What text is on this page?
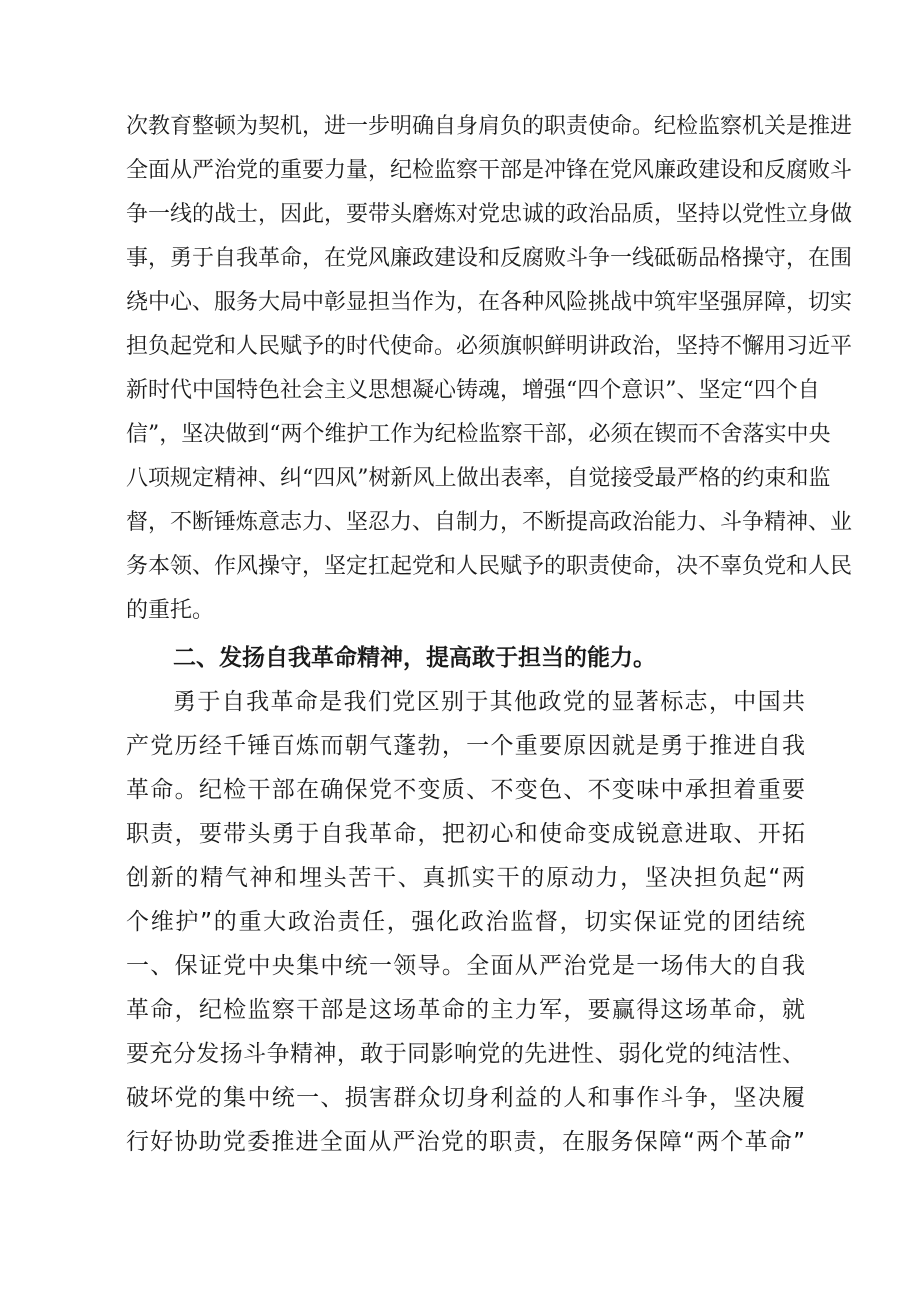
次教育整顿为契机，进一步明确自身肩负的职责使命。纪检监察机关是推进
全面从严治党的重要力量，纪检监察干部是冲锋在党风廉政建设和反腐败斗
争一线的战士，因此，要带头磨炼对党忠诚的政治品质，坚持以党性立身做
事，勇于自我革命，在党风廉政建设和反腐败斗争一线砥砺品格操守，在围
绕中心、服务大局中彰显担当作为，在各种风险挑战中筑牢坚强屏障，切实
担负起党和人民赋予的时代使命。必须旗帜鲜明讲政治，坚持不懈用习近平
新时代中国特色社会主义思想凝心铸魂，增强“四个意识”、坚定“四个自
信”，坚决做到“两个维护工作为纪检监察干部，必须在锲而不舍落实中央
八项规定精神、纠“四风”树新风上做出表率，自觉接受最严格的约束和监
督，不断锤炼意志力、坚忍力、自制力，不断提高政治能力、斗争精神、业
务本领、作风操守，坚定扛起党和人民赋予的职责使命，决不辜负党和人民
的重托。
二、发扬自我革命精神，提高敢于担当的能力。
勇于自我革命是我们党区别于其他政党的显著标志，中国共
产党历经千锤百炼而朝气蓬勃，一个重要原因就是勇于推进自我
革命。纪检干部在确保党不变质、不变色、不变味中承担着重要
职责，要带头勇于自我革命，把初心和使命变成锐意进取、开拓
创新的精气神和埋头苦干、真抓实干的原动力，坚决担负起“两
个维护”的重大政治责任，强化政治监督，切实保证党的团结统
一、保证党中央集中统一领导。全面从严治党是一场伟大的自我
革命，纪检监察干部是这场革命的主力军，要赢得这场革命，就
要充分发扬斗争精神，敢于同影响党的先进性、弱化党的纯洁性、
破坏党的集中统一、损害群众切身利益的人和事作斗争，坚决履
行好协助党委推进全面从严治党的职责，在服务保障“两个革命”
